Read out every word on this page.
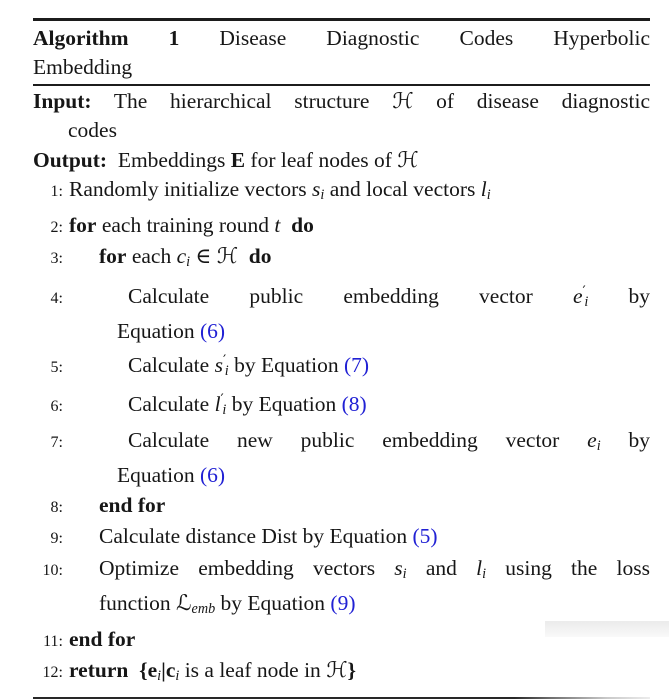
Algorithm 1 Disease Diagnostic Codes Hyperbolic
Embedding
Input: The hierarchical structure ℋ of disease diagnostic
codes
Output: Embeddings E for leaf nodes of ℋ
1: Randomly initialize vectors si and local vectors li
2: for each training round t do
3:	for each ci ∈ ℋ do
4:	Calculate public embedding vector e′i by
Equation (6)
5:	Calculate s′i by Equation (7)
6:	Calculate l′i by Equation (8)
7:	Calculate new public embedding vector ei by
Equation (6)
8:	end for
9:	Calculate distance Dist by Equation (5)
10:	Optimize embedding vectors si and li using the loss
function ℒemb by Equation (9)
11: end for
12: return  {ei|ci is a leaf node in ℋ}
